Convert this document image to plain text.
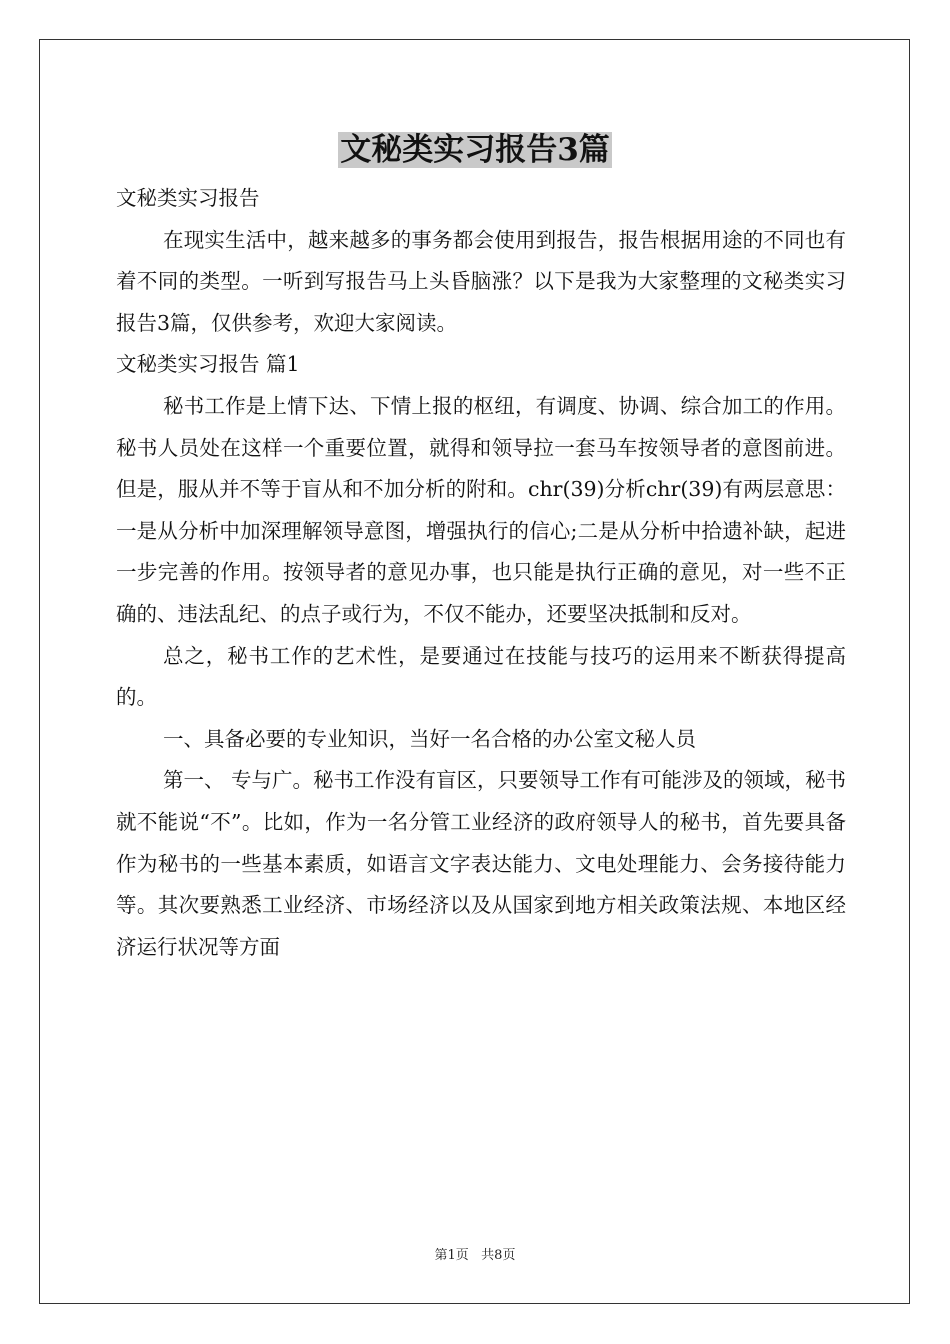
文秘类实习报告3篇

文秘类实习报告

在现实生活中，越来越多的事务都会使用到报告，报告根据用途的不同也有着不同的类型。一听到写报告马上头昏脑涨？以下是我为大家整理的文秘类实习报告3篇，仅供参考，欢迎大家阅读。

文秘类实习报告 篇1

秘书工作是上情下达、下情上报的枢纽，有调度、协调、综合加工的作用。秘书人员处在这样一个重要位置，就得和领导拉一套马车按领导者的意图前进。但是，服从并不等于盲从和不加分析的附和。chr(39)分析chr(39)有两层意思：一是从分析中加深理解领导意图，增强执行的信心;二是从分析中拾遗补缺，起进一步完善的作用。按领导者的意见办事，也只能是执行正确的意见，对一些不正确的、违法乱纪、的点子或行为，不仅不能办，还要坚决抵制和反对。

总之，秘书工作的艺术性，是要通过在技能与技巧的运用来不断获得提高的。

一、具备必要的专业知识，当好一名合格的办公室文秘人员

第一、 专与广。秘书工作没有盲区，只要领导工作有可能涉及的领域，秘书就不能说“不”。比如，作为一名分管工业经济的政府领导人的秘书，首先要具备作为秘书的一些基本素质，如语言文字表达能力、文电处理能力、会务接待能力等。其次要熟悉工业经济、市场经济以及从国家到地方相关政策法规、本地区经济运行状况等方面

第1页   共8页
